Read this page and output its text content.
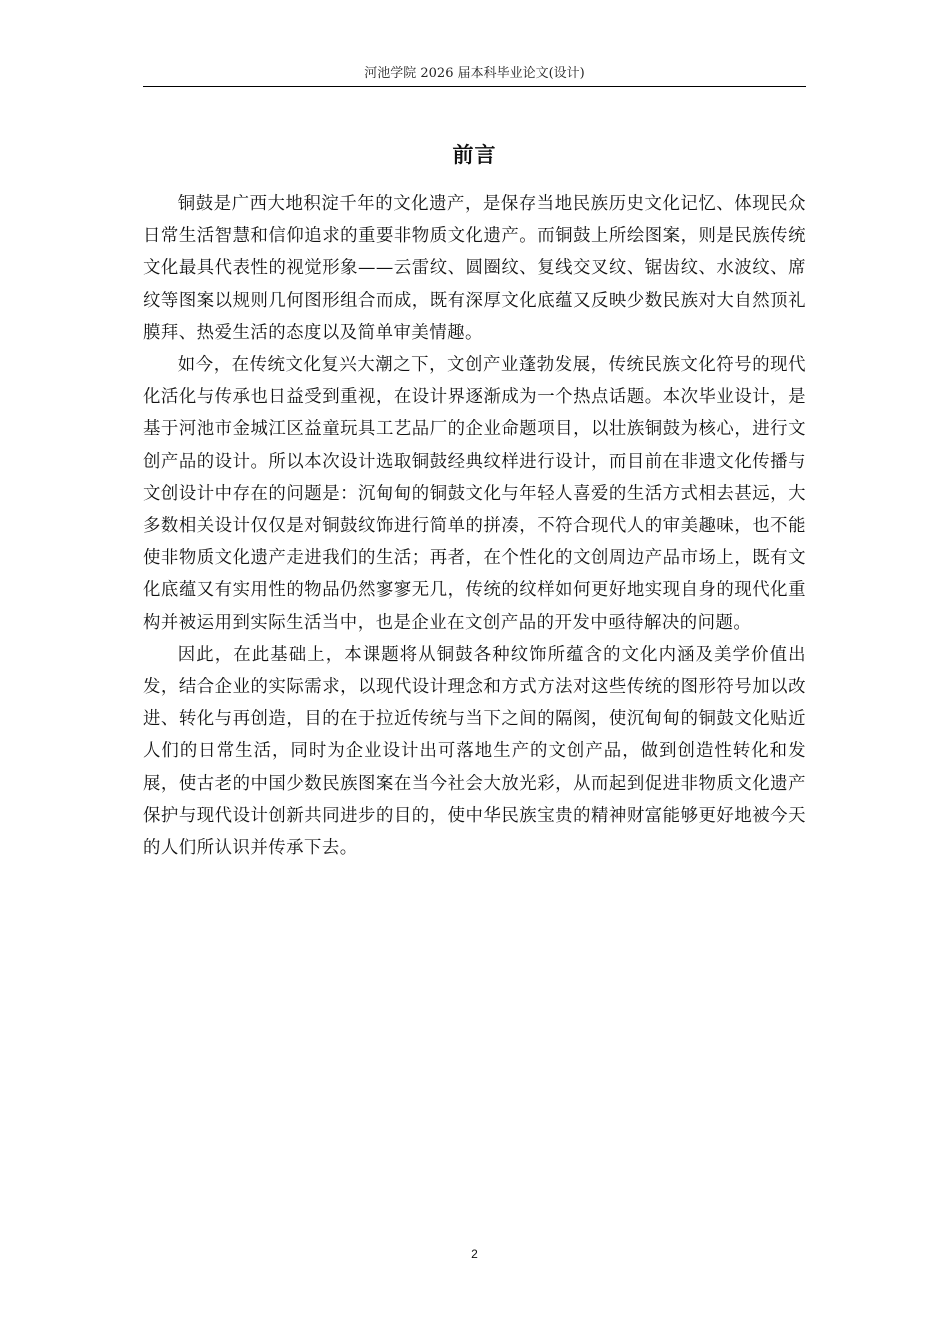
河池学院 2026 届本科毕业论文(设计)
前言

铜鼓是广西大地积淀千年的文化遗产，是保存当地民族历史文化记忆、体现民众日常生活智慧和信仰追求的重要非物质文化遗产。而铜鼓上所绘图案，则是民族传统文化最具代表性的视觉形象——云雷纹、圆圈纹、复线交叉纹、锯齿纹、水波纹、席纹等图案以规则几何图形组合而成，既有深厚文化底蕴又反映少数民族对大自然顶礼膜拜、热爱生活的态度以及简单审美情趣。

如今，在传统文化复兴大潮之下，文创产业蓬勃发展，传统民族文化符号的现代化活化与传承也日益受到重视，在设计界逐渐成为一个热点话题。本次毕业设计，是基于河池市金城江区益童玩具工艺品厂的企业命题项目，以壮族铜鼓为核心，进行文创产品的设计。所以本次设计选取铜鼓经典纹样进行设计，而目前在非遗文化传播与文创设计中存在的问题是：沉甸甸的铜鼓文化与年轻人喜爱的生活方式相去甚远，大多数相关设计仅仅是对铜鼓纹饰进行简单的拼凑，不符合现代人的审美趣味，也不能使非物质文化遗产走进我们的生活；再者，在个性化的文创周边产品市场上，既有文化底蕴又有实用性的物品仍然寥寥无几，传统的纹样如何更好地实现自身的现代化重构并被运用到实际生活当中，也是企业在文创产品的开发中亟待解决的问题。

因此，在此基础上，本课题将从铜鼓各种纹饰所蕴含的文化内涵及美学价值出发，结合企业的实际需求，以现代设计理念和方式方法对这些传统的图形符号加以改进、转化与再创造，目的在于拉近传统与当下之间的隔阂，使沉甸甸的铜鼓文化贴近人们的日常生活，同时为企业设计出可落地生产的文创产品，做到创造性转化和发展，使古老的中国少数民族图案在当今社会大放光彩，从而起到促进非物质文化遗产保护与现代设计创新共同进步的目的，使中华民族宝贵的精神财富能够更好地被今天的人们所认识并传承下去。

2
